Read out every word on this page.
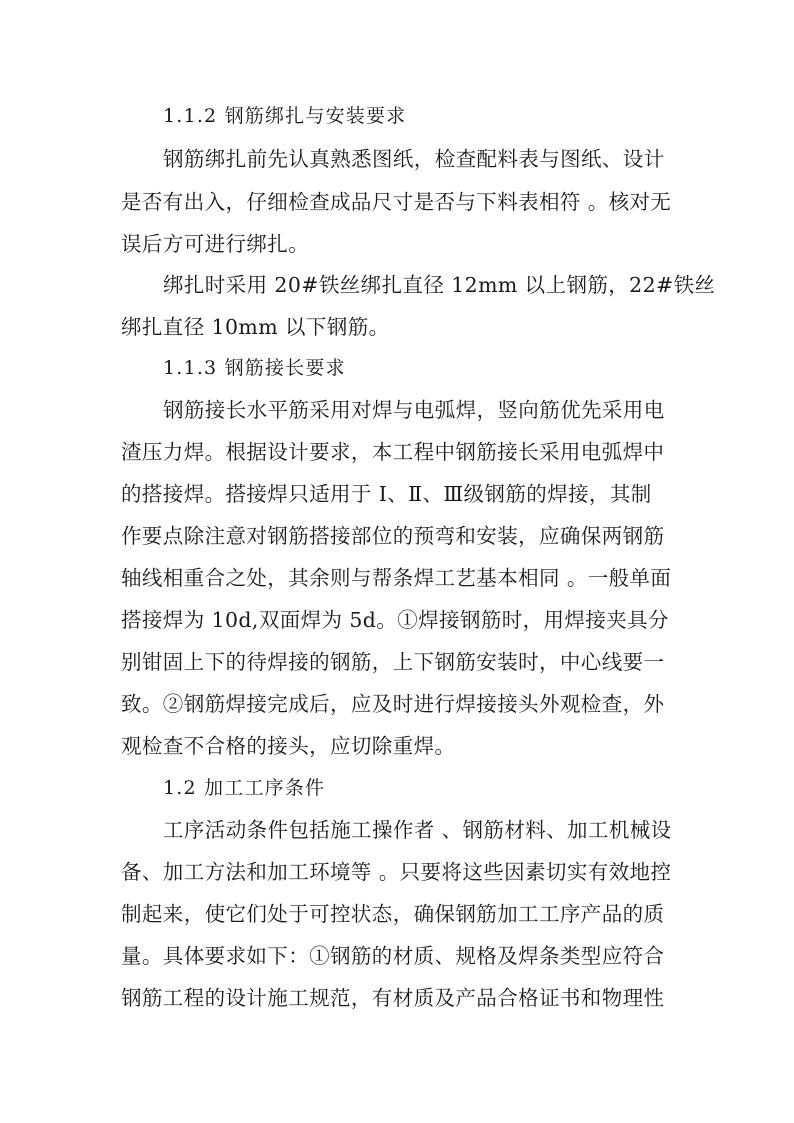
1.1.2 钢筋绑扎与安装要求
钢筋绑扎前先认真熟悉图纸，检查配料表与图纸、设计
是否有出入，仔细检查成品尺寸是否与下料表相符 。核对无
误后方可进行绑扎。
绑扎时采用 20#铁丝绑扎直径 12mm 以上钢筋，22#铁丝
绑扎直径 10mm 以下钢筋。
1.1.3 钢筋接长要求
钢筋接长水平筋采用对焊与电弧焊，竖向筋优先采用电
渣压力焊。根据设计要求，本工程中钢筋接长采用电弧焊中
的搭接焊。搭接焊只适用于 Ⅰ、Ⅱ、Ⅲ级钢筋的焊接，其制
作要点除注意对钢筋搭接部位的预弯和安装，应确保两钢筋
轴线相重合之处，其余则与帮条焊工艺基本相同 。一般单面
搭接焊为 10d,双面焊为 5d。①焊接钢筋时，用焊接夹具分
别钳固上下的待焊接的钢筋，上下钢筋安装时，中心线要一
致。②钢筋焊接完成后，应及时进行焊接接头外观检查，外
观检查不合格的接头，应切除重焊。
1.2 加工工序条件
工序活动条件包括施工操作者 、钢筋材料、加工机械设
备、加工方法和加工环境等 。只要将这些因素切实有效地控
制起来，使它们处于可控状态，确保钢筋加工工序产品的质
量。具体要求如下：①钢筋的材质、规格及焊条类型应符合
钢筋工程的设计施工规范，有材质及产品合格证书和物理性
